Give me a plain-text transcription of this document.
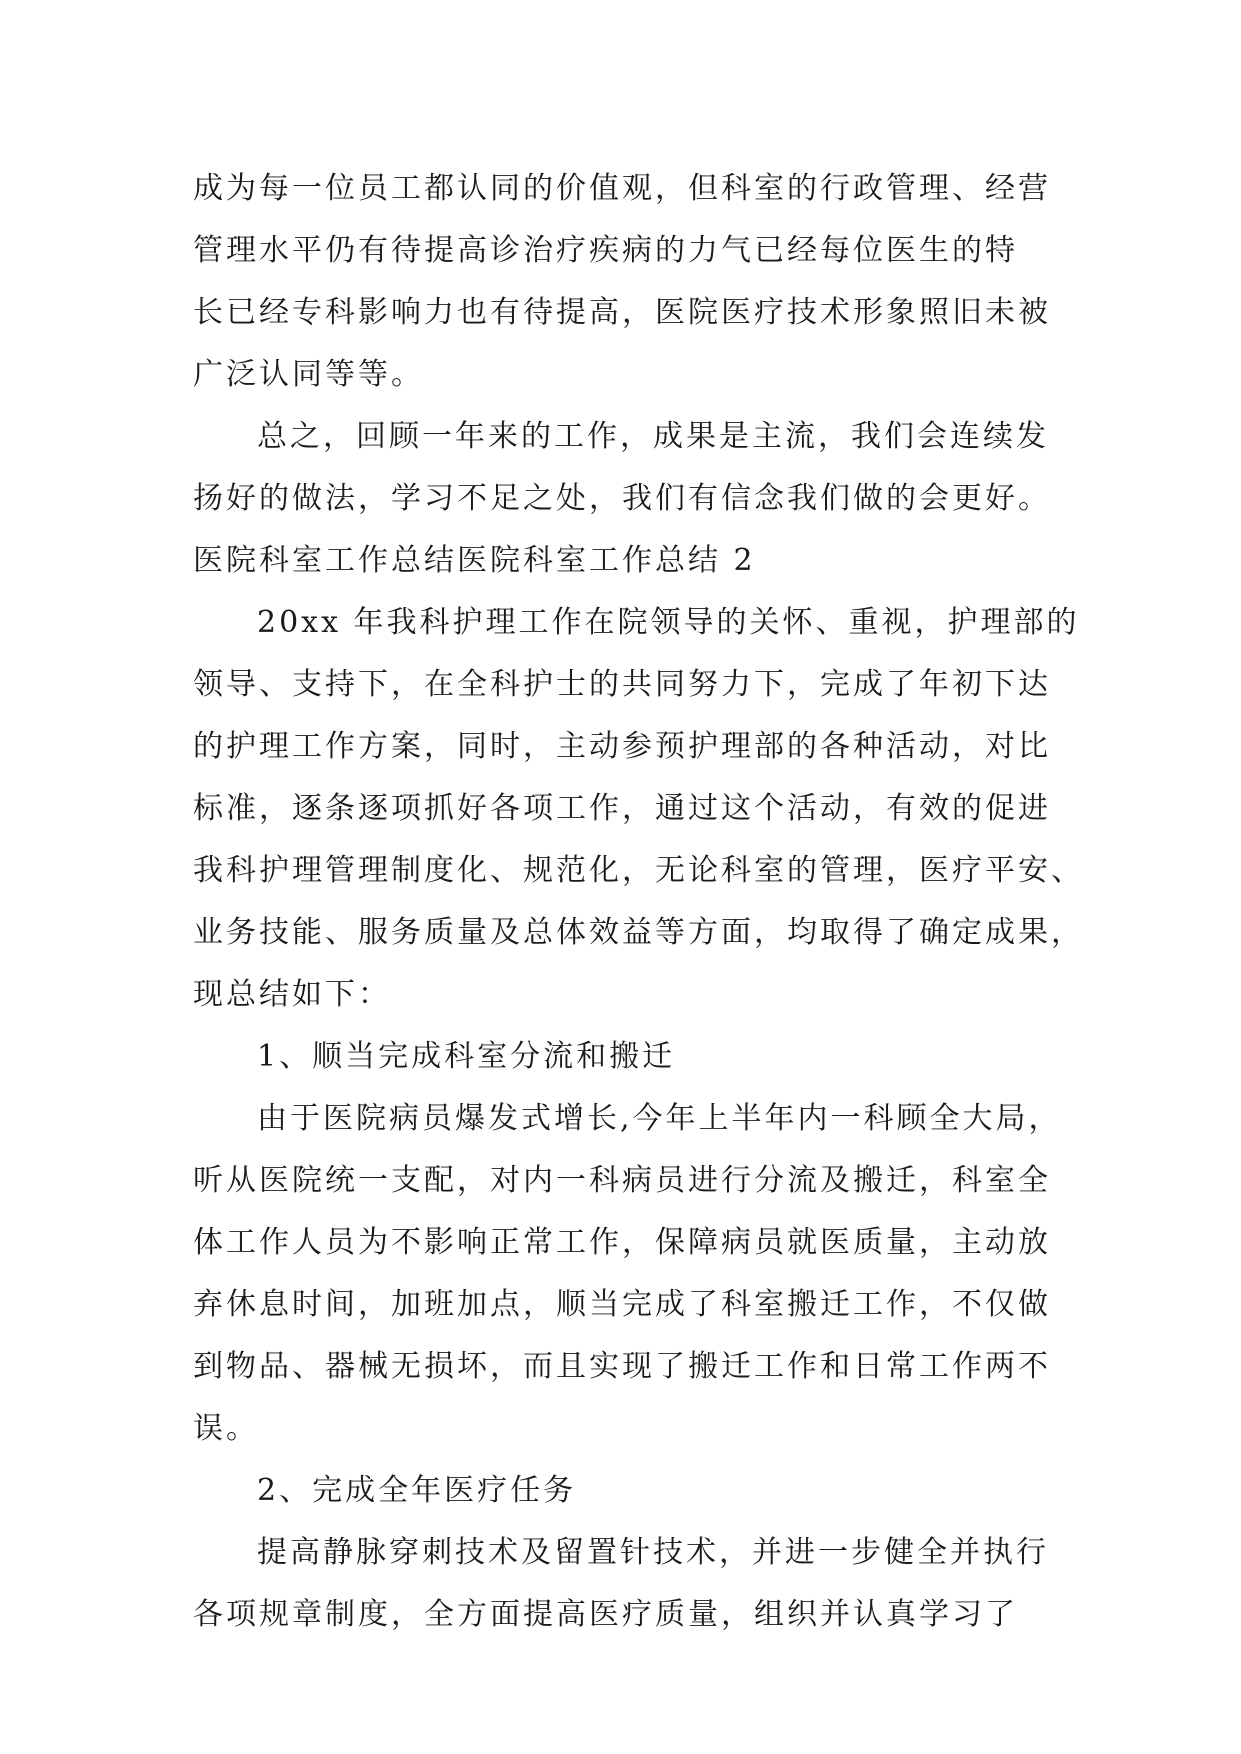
成为每一位员工都认同的价值观，但科室的行政管理、经营
管理水平仍有待提高诊治疗疾病的力气已经每位医生的特
长已经专科影响力也有待提高，医院医疗技术形象照旧未被
广泛认同等等。
总之，回顾一年来的工作，成果是主流，我们会连续发
扬好的做法，学习不足之处，我们有信念我们做的会更好。
医院科室工作总结医院科室工作总结 2
20xx 年我科护理工作在院领导的关怀、重视，护理部的
领导、支持下，在全科护士的共同努力下，完成了年初下达
的护理工作方案，同时，主动参预护理部的各种活动，对比
标准，逐条逐项抓好各项工作，通过这个活动，有效的促进
我科护理管理制度化、规范化，无论科室的管理，医疗平安、
业务技能、服务质量及总体效益等方面，均取得了确定成果，
现总结如下：
1、顺当完成科室分流和搬迁
由于医院病员爆发式增长,今年上半年内一科顾全大局，
听从医院统一支配，对内一科病员进行分流及搬迁，科室全
体工作人员为不影响正常工作，保障病员就医质量，主动放
弃休息时间，加班加点，顺当完成了科室搬迁工作，不仅做
到物品、器械无损坏，而且实现了搬迁工作和日常工作两不
误。
2、完成全年医疗任务
提高静脉穿刺技术及留置针技术，并进一步健全并执行
各项规章制度，全方面提高医疗质量，组织并认真学习了
